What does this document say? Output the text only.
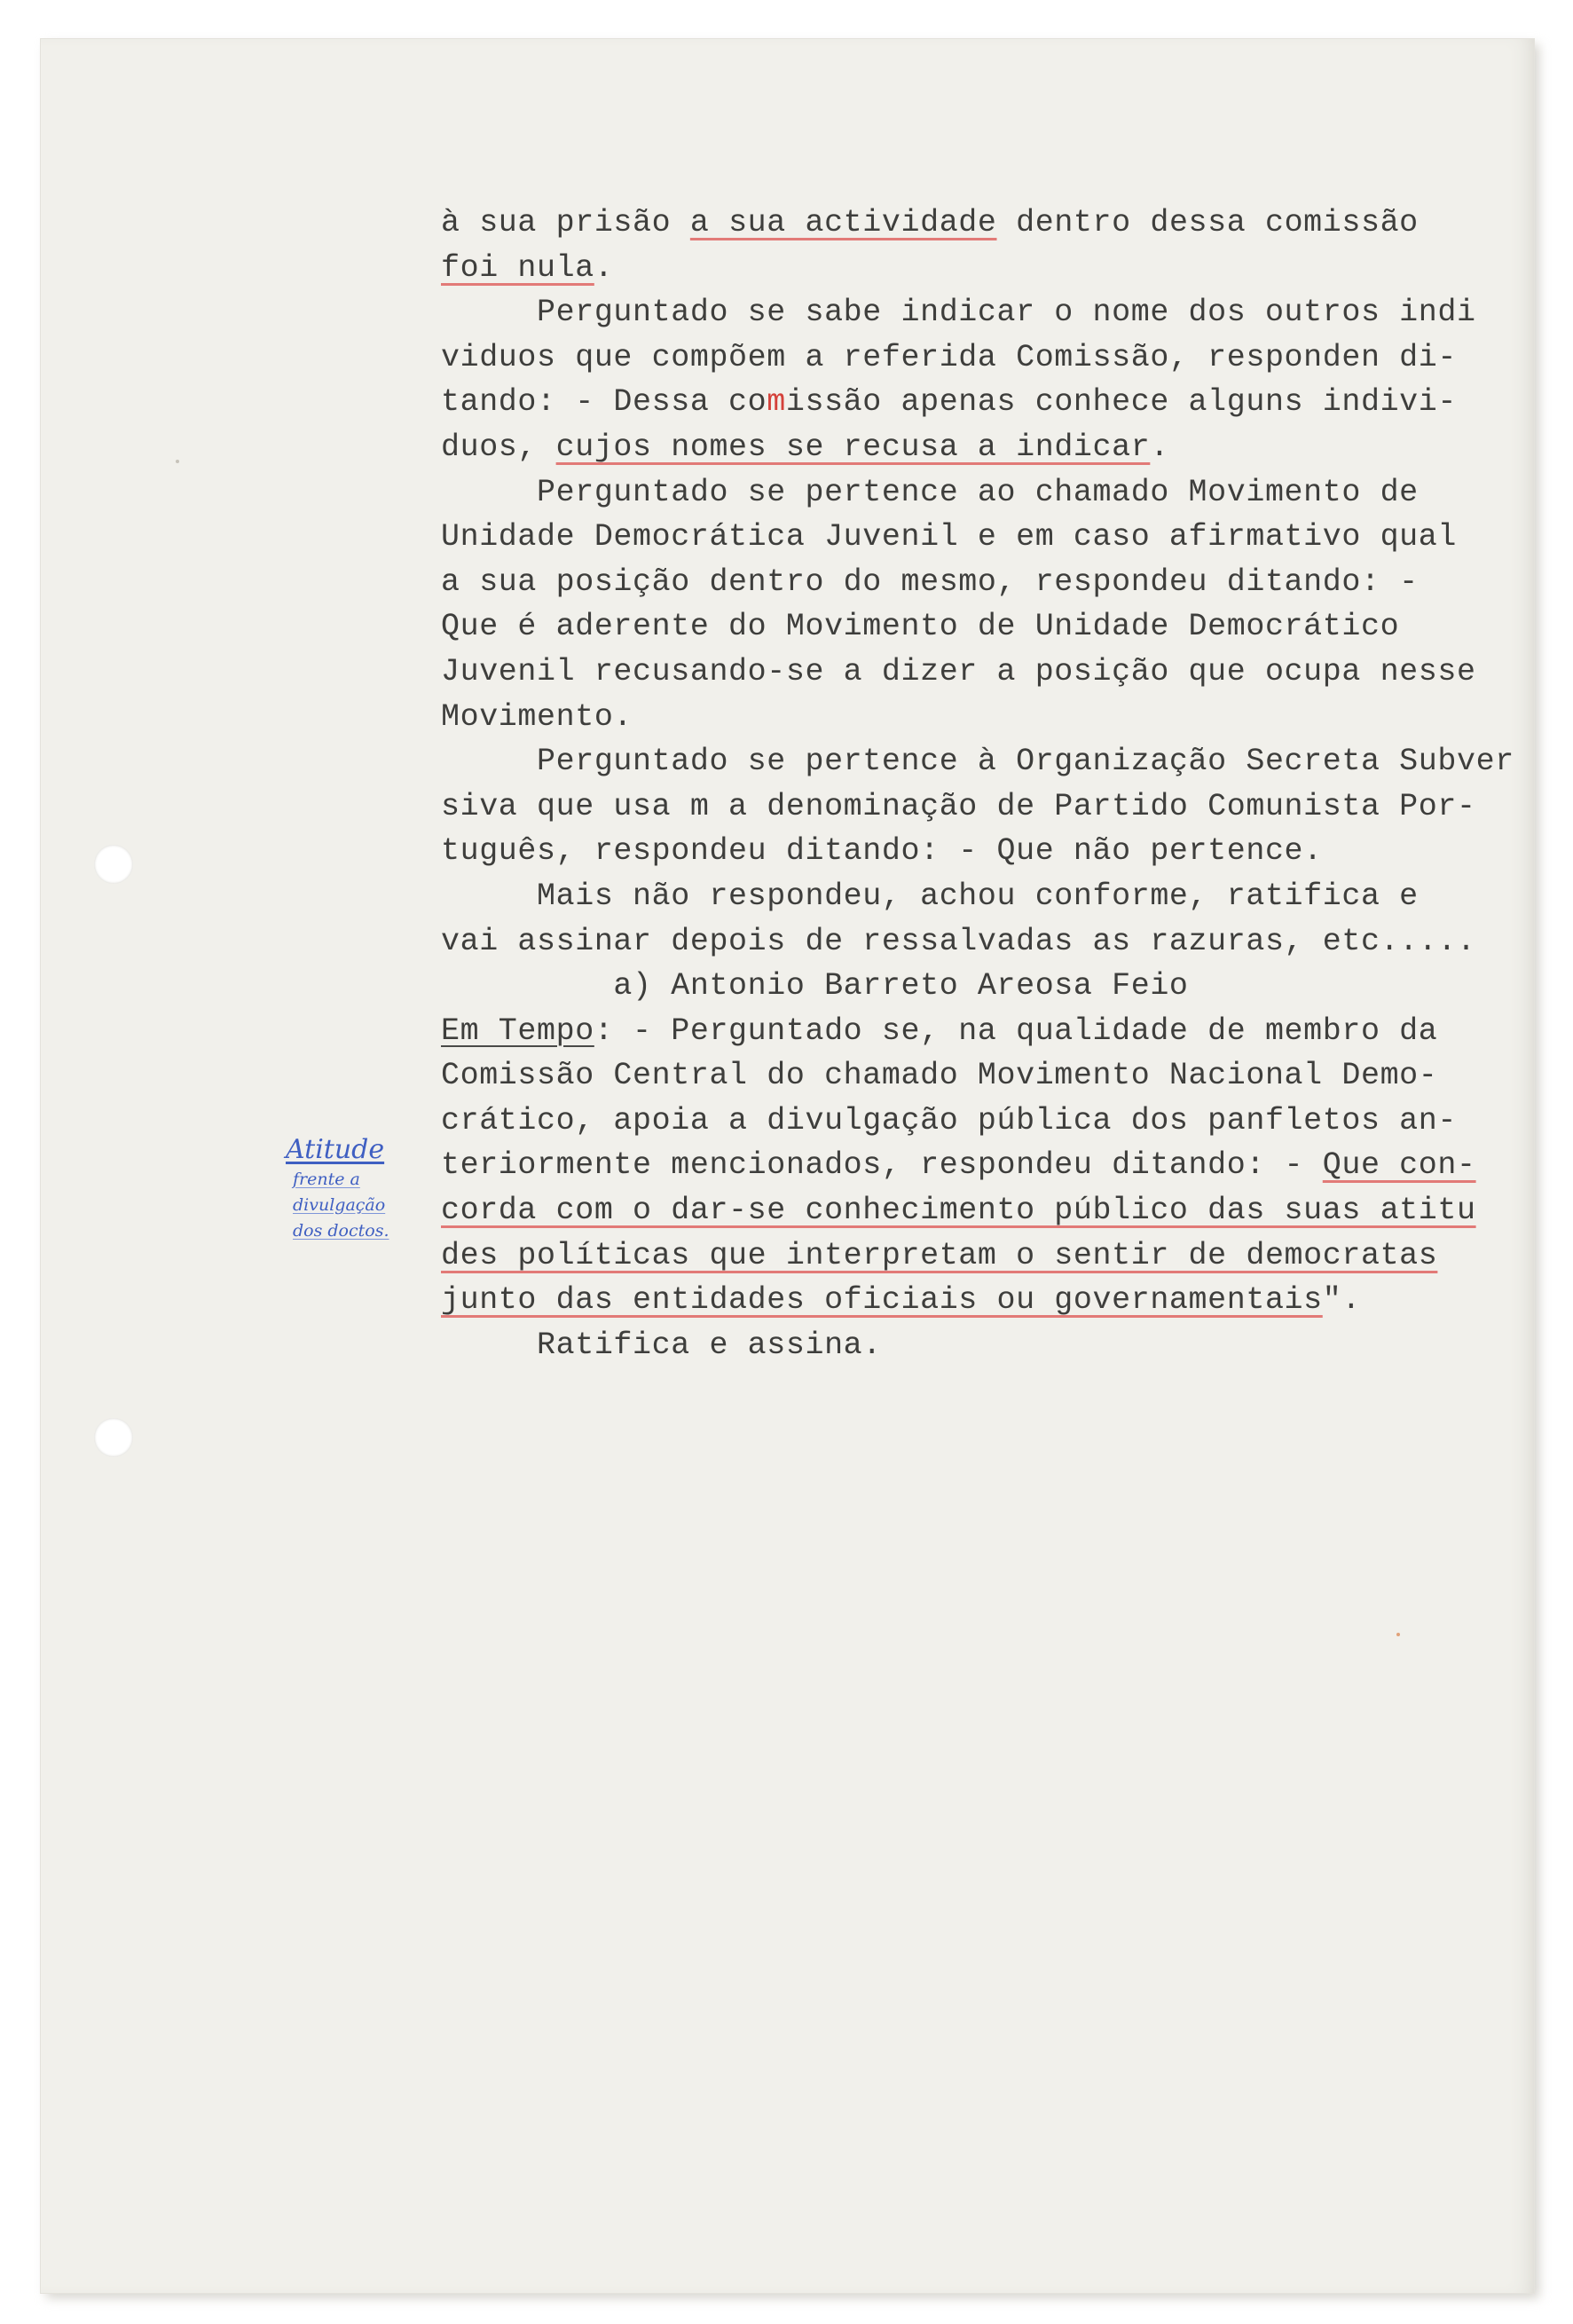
à sua prisão a sua actividade dentro dessa comissão
foi nula.
Perguntado se sabe indicar o nome dos outros indi
viduos que compõem a referida Comissão, responden di-
tando: - Dessa comissão apenas conhece alguns indivi-
duos, cujos nomes se recusa a indicar.
Perguntado se pertence ao chamado Movimento de
Unidade Democrática Juvenil e em caso afirmativo qual
a sua posição dentro do mesmo, respondeu ditando: -
Que é aderente do Movimento de Unidade Democrático
Juvenil recusando-se a dizer a posição que ocupa nesse
Movimento.
Perguntado se pertence à Organização Secreta Subver
siva que usa m a denominação de Partido Comunista Por-
tuguês, respondeu ditando: - Que não pertence.
Mais não respondeu, achou conforme, ratifica e
vai assinar depois de ressalvadas as razuras, etc.....
a) Antonio Barreto Areosa Feio
Em Tempo: - Perguntado se, na qualidade de membro da
Comissão Central do chamado Movimento Nacional Demo-
crático, apoia a divulgação pública dos panfletos an-
teriormente mencionados, respondeu ditando: - Que con-
corda com o dar-se conhecimento público das suas atitu
des políticas que interpretam o sentir de democratas
junto das entidades oficiais ou governamentais".
Ratifica e assina.
Atitude
frente a
divulgação
dos doctos.
